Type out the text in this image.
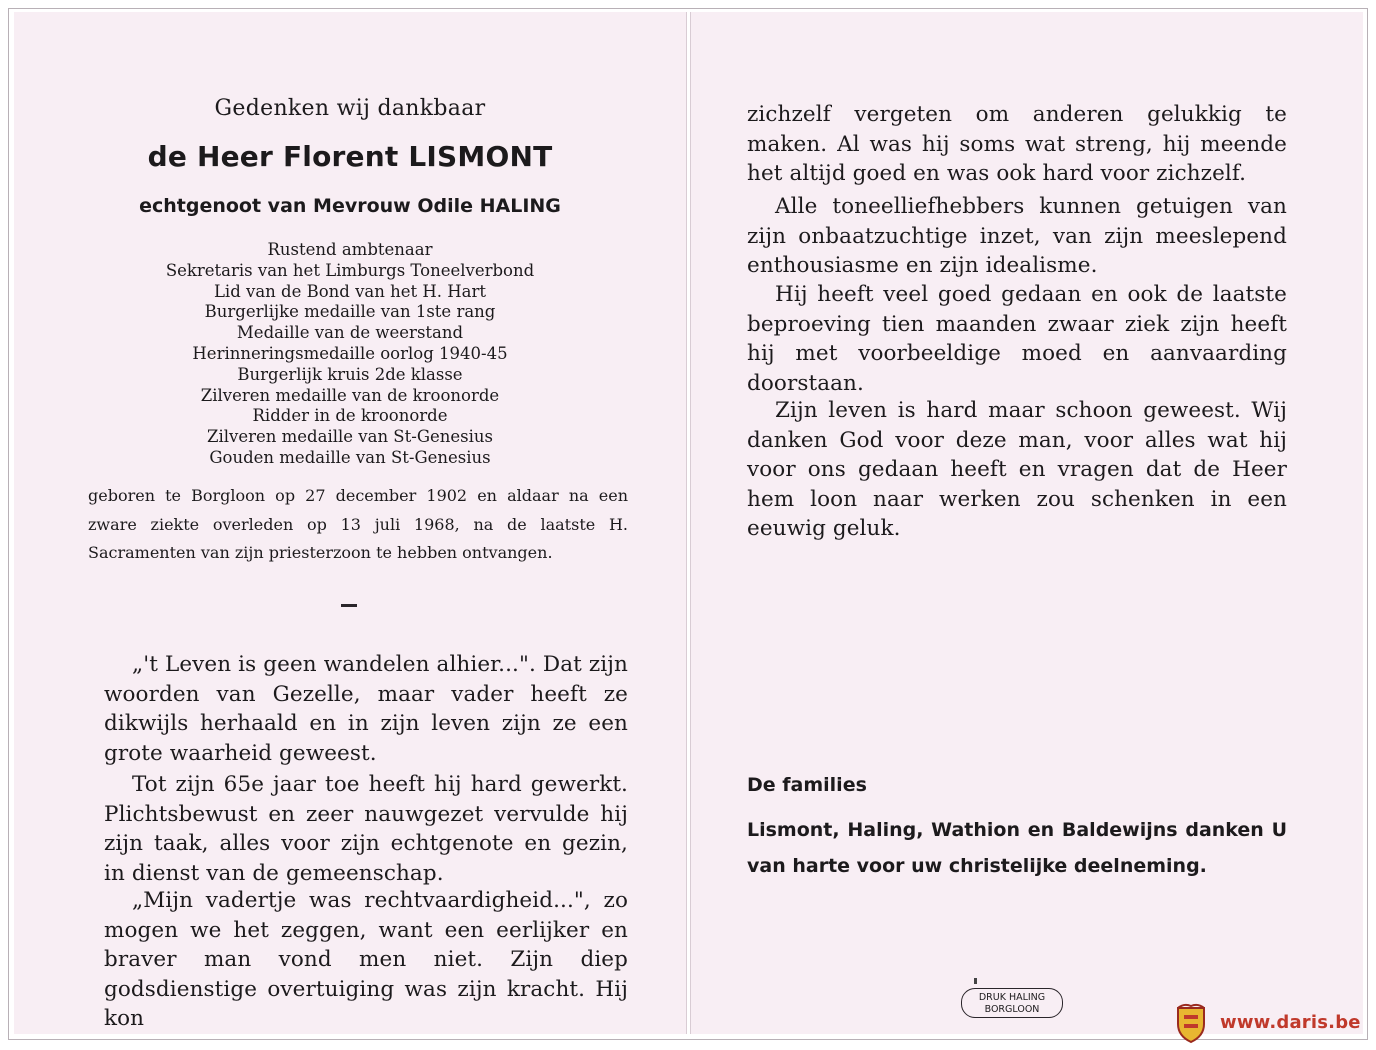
Gedenken wij dankbaar
de Heer Florent LISMONT
echtgenoot van Mevrouw Odile HALING
Rustend ambtenaar
Sekretaris van het Limburgs Toneelverbond
Lid van de Bond van het H. Hart
Burgerlijke medaille van 1ste rang
Medaille van de weerstand
Herinneringsmedaille oorlog 1940-45
Burgerlijk kruis 2de klasse
Zilveren medaille van de kroonorde
Ridder in de kroonorde
Zilveren medaille van St-Genesius
Gouden medaille van St-Genesius
geboren te Borgloon op 27 december 1902 en aldaar na een zware ziekte overleden op 13 juli 1968, na de laatste H. Sacramenten van zijn priesterzoon te hebben ontvangen.

„'t Leven is geen wandelen alhier...". Dat zijn woorden van Gezelle, maar vader heeft ze dikwijls herhaald en in zijn leven zijn ze een grote waarheid geweest.

Tot zijn 65e jaar toe heeft hij hard gewerkt. Plichtsbewust en zeer nauwgezet vervulde hij zijn taak, alles voor zijn echtgenote en gezin, in dienst van de gemeenschap.

„Mijn vadertje was rechtvaardigheid...", zo mogen we het zeggen, want een eerlijker en braver man vond men niet. Zijn diep godsdienstige overtuiging was zijn kracht. Hij kon

zichzelf vergeten om anderen gelukkig te maken. Al was hij soms wat streng, hij meende het altijd goed en was ook hard voor zichzelf.

Alle toneelliefhebbers kunnen getuigen van zijn onbaatzuchtige inzet, van zijn meeslepend enthousiasme en zijn idealisme.

Hij heeft veel goed gedaan en ook de laatste beproeving tien maanden zwaar ziek zijn heeft hij met voorbeeldige moed en aanvaarding doorstaan.

Zijn leven is hard maar schoon geweest. Wij danken God voor deze man, voor alles wat hij voor ons gedaan heeft en vragen dat de Heer hem loon naar werken zou schenken in een eeuwig geluk.

De families
Lismont, Haling, Wathion en Baldewijns danken U van harte voor uw christelijke deelneming.
DRUK HALING
BORGLOON
www.daris.be
